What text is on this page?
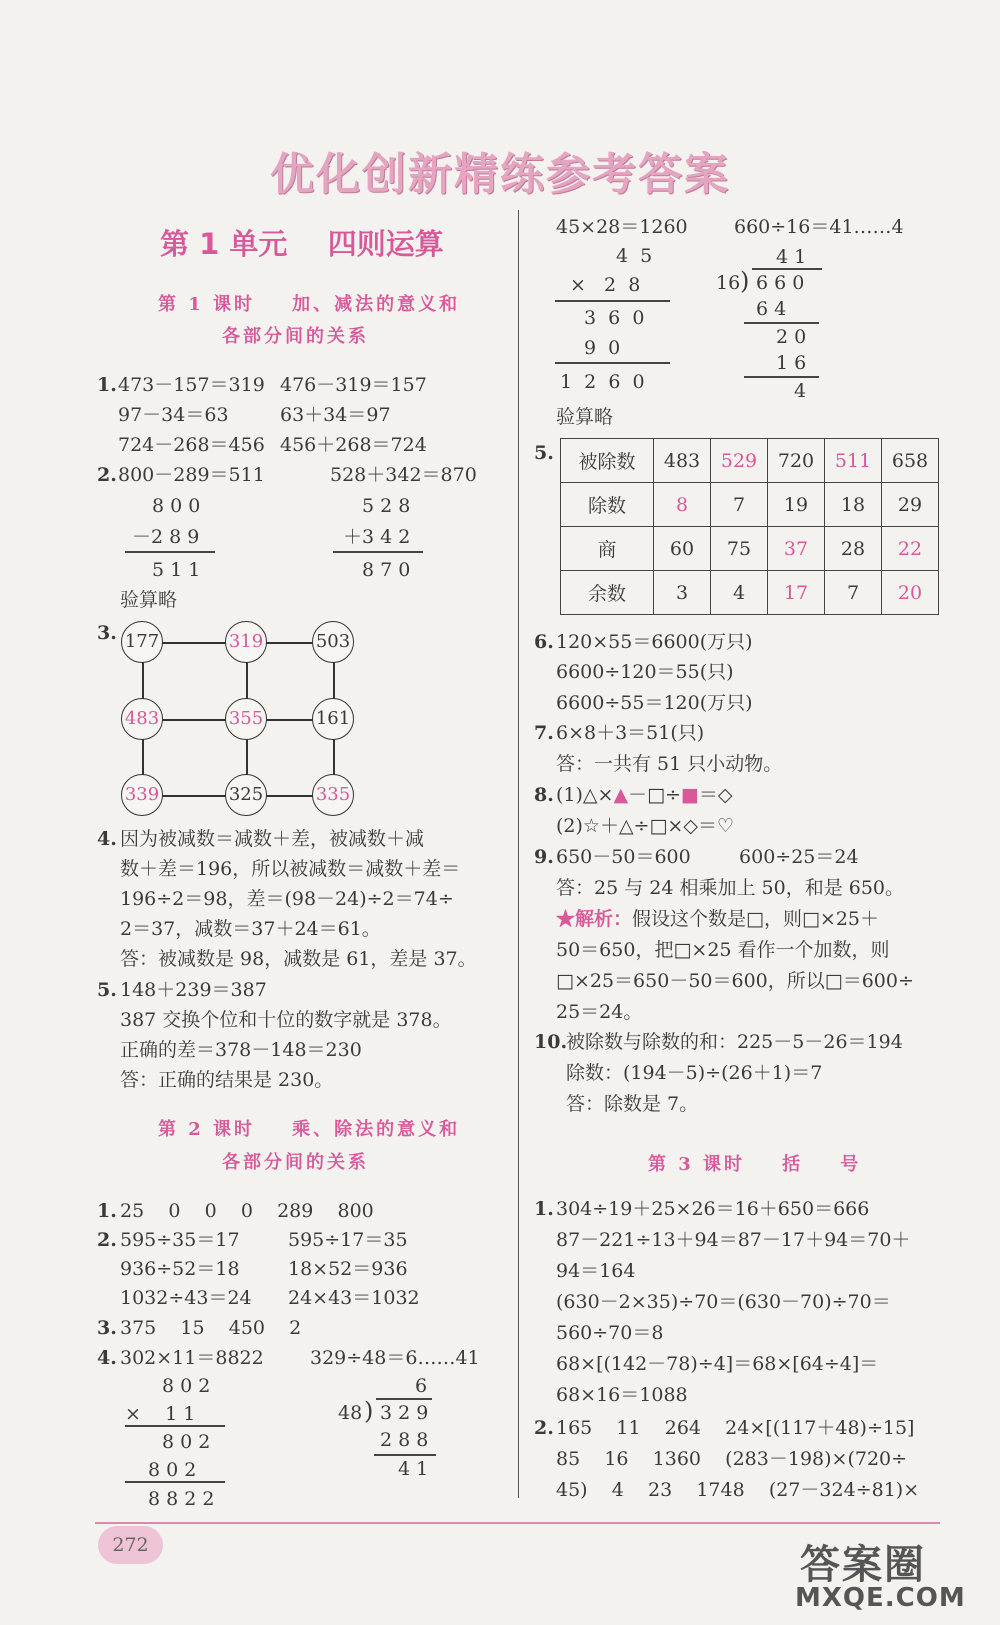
优化创新精练参考答案
第 1 单元    四则运算
第 1 课时    加、减法的意义和
各部分间的关系
1. 473－157＝319 476－319＝157
97－34＝63	63＋34＝97
724－268＝456 456＋268＝724
2. 800－289＝511	528＋342＝870
8 0 0
－2 8 9
5 1 1
5 2 8
＋3 4 2
8 7 0
验算略
3. 177	319	503
483	355	161
339	325	335
4. 因为被减数＝减数＋差，被减数＋减
数＋差＝196，所以被减数＝减数＋差＝
196÷2＝98，差＝(98－24)÷2＝74÷
2＝37，减数＝37＋24＝61。
答：被减数是 98，减数是 61，差是 37。
5. 148＋239＝387
387 交换个位和十位的数字就是 378。
正确的差＝378－148＝230
答：正确的结果是 230。
第 2 课时    乘、除法的意义和
各部分间的关系
1. 25    0    0    0    289    800
2. 595÷35＝17	595÷17＝35
936÷52＝18	18×52＝936
1032÷43＝24 24×43＝1032
3. 375    15    450    2
4. 302×11＝8822 329÷48＝6……41
8 0 2
×    1 1
8 0 2
8 0 2
8 8 2 2
6
48 ) 3 2 9
2 8 8
4 1
45×28＝1260 660÷16＝41……4
4  5
×   2  8
3  6  0
9  0
1  2  6  0
4 1
16 ) 6 6 0
6 4
2 0
1 6
4
验算略
5. 被除数	483	529	720	511	658
除数	8	7	19	18	29
商	60	75	37	28	22
余数	3	4	17	7	20
6. 120×55＝6600(万只)
6600÷120＝55(只)
6600÷55＝120(万只)
7. 6×8＋3＝51(只)
答：一共有 51 只小动物。
8. (1)△×▲－□÷■＝◇
(2)☆＋△÷□×◇＝♡
9. 650－50＝600        600÷25＝24
答：25 与 24 相乘加上 50，和是 650。
★解析：假设这个数是□，则□×25＋
50＝650，把□×25 看作一个加数，则
□×25＝650－50＝600，所以□＝600÷
25＝24。
10.
被除数与除数的和：225－5－26＝194
除数：(194－5)÷(26＋1)＝7
答：除数是 7。
第 3 课时    括    号
1. 304÷19＋25×26＝16＋650＝666
87－221÷13＋94＝87－17＋94＝70＋
94＝164
(630－2×35)÷70＝(630－70)÷70＝
560÷70＝8
68×[(142－78)÷4]＝68×[64÷4]＝
68×16＝1088
2. 165    11    264    24×[(117＋48)÷15]
85    16    1360    (283－198)×(720÷
45)    4    23    1748    (27－324÷81)×
272	答案圈
MXQE.COM
